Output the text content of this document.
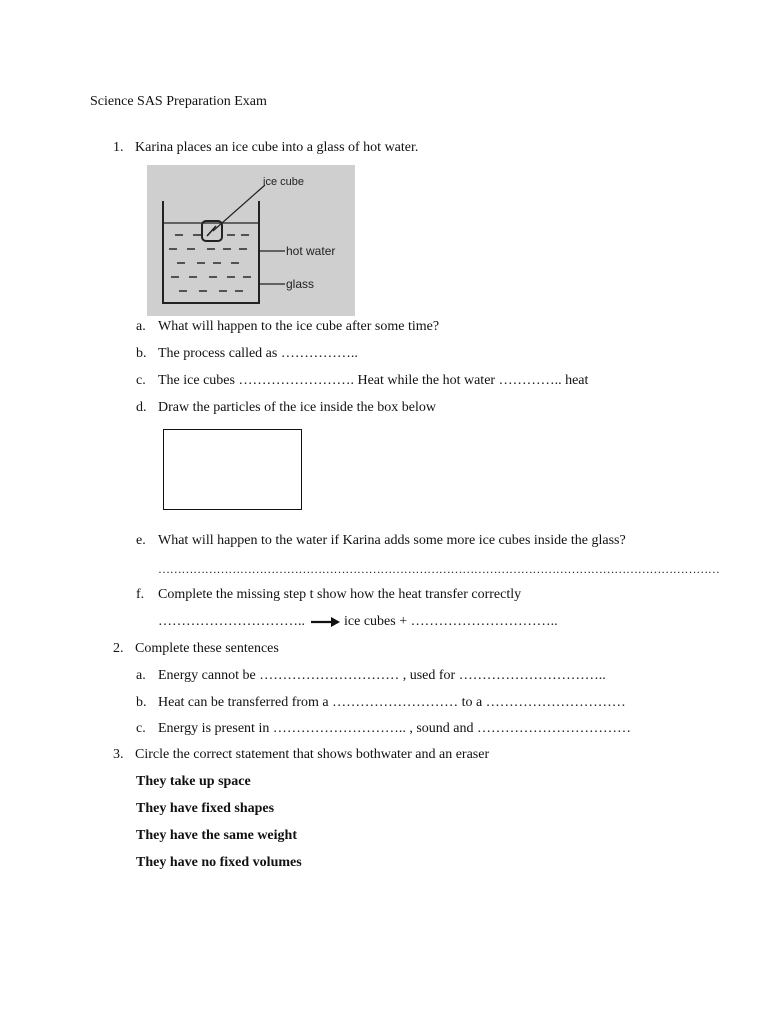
Science SAS Preparation Exam
1. Karina places an ice cube into a glass of hot water.
ice cube
hot water
glass
a. What will happen to the ice cube after some time?
b. The process called as ……………..
c. The ice cubes ……………………. Heat while the hot water ………….. heat
d. Draw the particles of the ice inside the box below
e. What will happen to the water if Karina adds some more ice cubes inside the glass?
………………………………………………………………………………………………………………………………
f. Complete the missing step t show how the heat transfer correctly
…………………………..	ice cubes + …………………………..
2. Complete these sentences
a. Energy cannot be ………………………… , used for …………………………..
b. Heat can be transferred from a ……………………… to a …………………………
c. Energy is present in ……………………….. , sound and ……………………………
3. Circle the correct statement that shows bothwater and an eraser
They take up space
They have fixed shapes
They have the same weight
They have no fixed volumes
